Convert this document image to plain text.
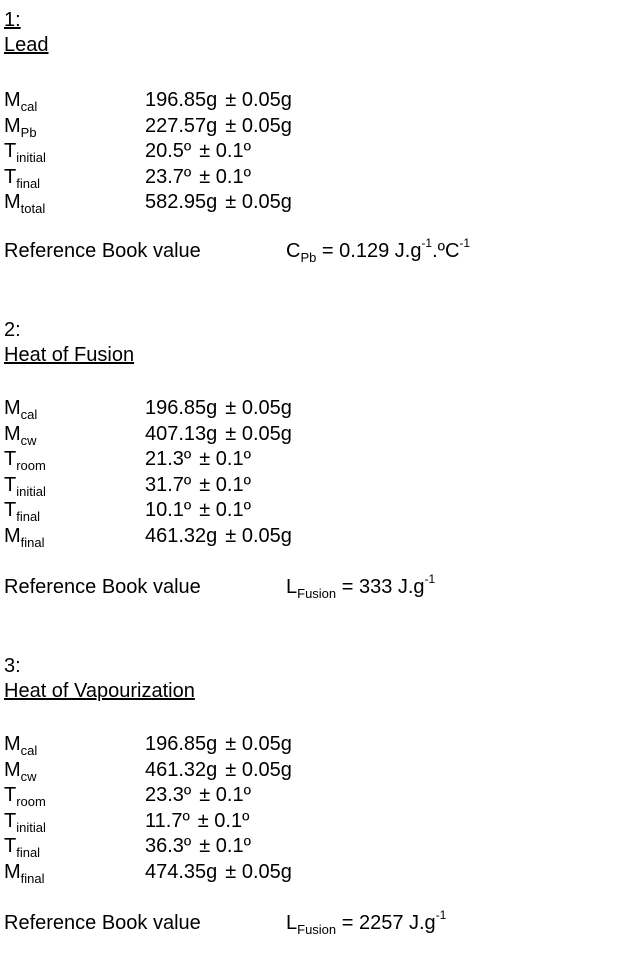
1:
Lead
$M_{cal}$	196.85g ± 0.05g
$M_{Pb}$	227.57g ± 0.05g
$T_{initial}$	20.5º ± 0.1º
$T_{final}$	23.7º ± 0.1º
$M_{total}$	582.95g ± 0.05g
Reference Book value	$C_{Pb} = 0.129$ $J.g^{-1}.ºC^{-1}$
2:
Heat of Fusion
$M_{cal}$	196.85g ± 0.05g
$M_{cw}$	407.13g ± 0.05g
$T_{room}$	21.3º ± 0.1º
$T_{initial}$	31.7º ± 0.1º
$T_{final}$	10.1º ± 0.1º
$M_{final}$	461.32g ± 0.05g
Reference Book value	$L_{Fusion} = 333$ $J.g^{-1}$
3:
Heat of Vapourization
$M_{cal}$	196.85g ± 0.05g
$M_{cw}$	461.32g ± 0.05g
$T_{room}$	23.3º ± 0.1º
$T_{initial}$	11.7º ± 0.1º
$T_{final}$	36.3º ± 0.1º
$M_{final}$	474.35g ± 0.05g
Reference Book value	$L_{Fusion} = 2257$ $J.g^{-1}$
